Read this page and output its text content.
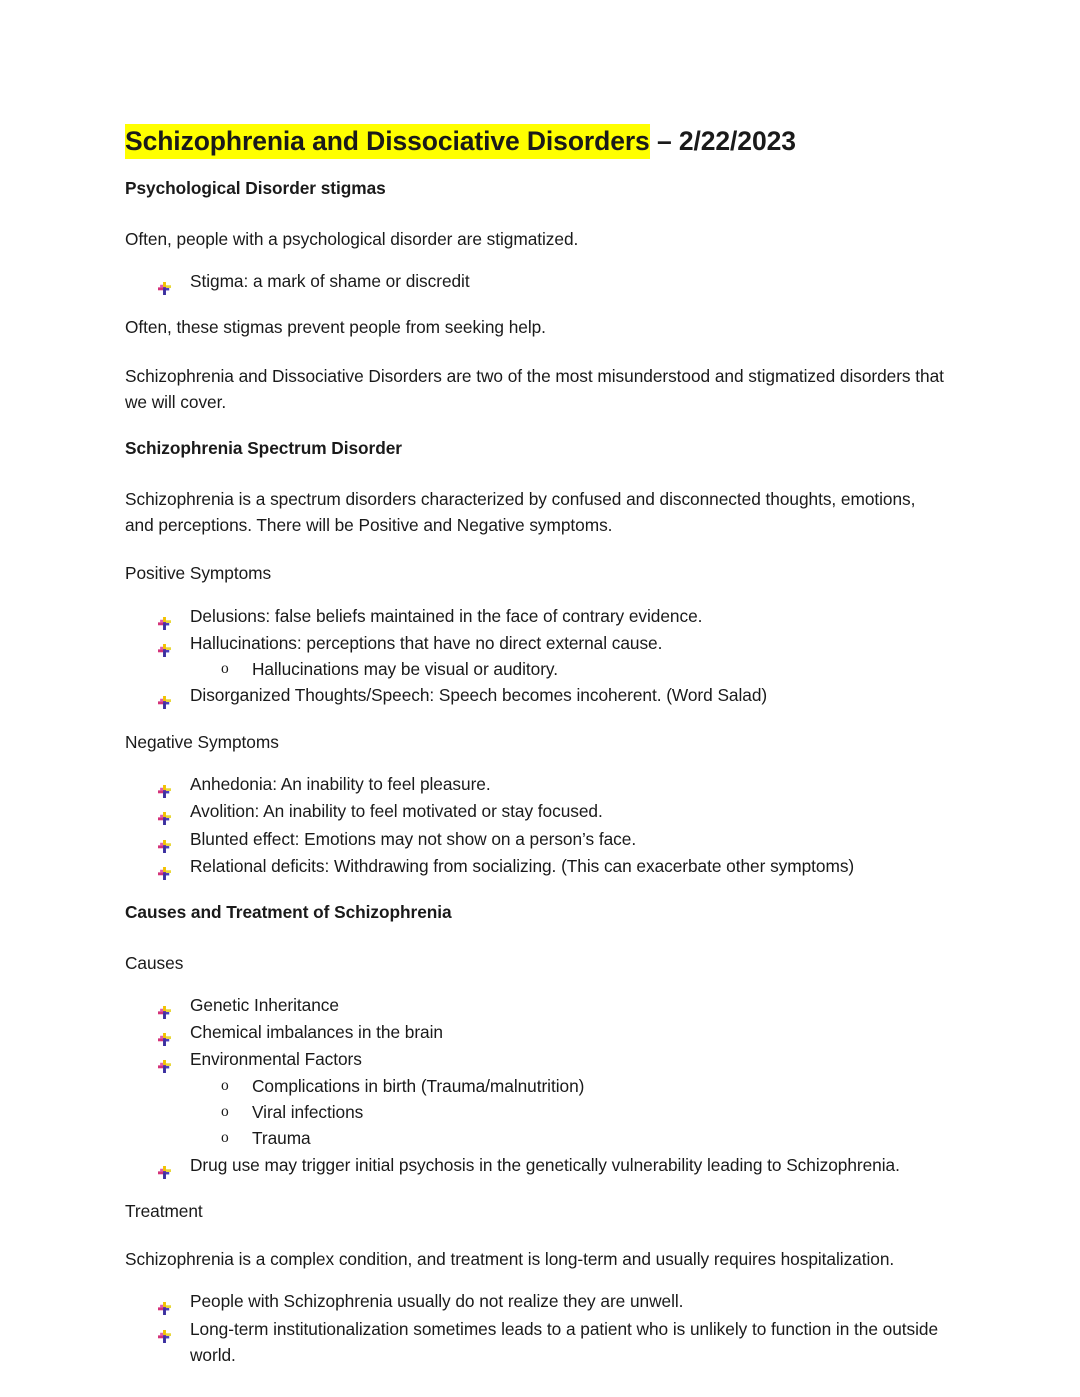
Schizophrenia and Dissociative Disorders – 2/22/2023
Psychological Disorder stigmas

Often, people with a psychological disorder are stigmatized.

Stigma: a mark of shame or discredit

Often, these stigmas prevent people from seeking help.

Schizophrenia and Dissociative Disorders are two of the most misunderstood and stigmatized disorders that we will cover.

Schizophrenia Spectrum Disorder

Schizophrenia is a spectrum disorders characterized by confused and disconnected thoughts, emotions, and perceptions. There will be Positive and Negative symptoms.

Positive Symptoms

Delusions: false beliefs maintained in the face of contrary evidence.
Hallucinations: perceptions that have no direct external cause.
o Hallucinations may be visual or auditory.
Disorganized Thoughts/Speech: Speech becomes incoherent. (Word Salad)

Negative Symptoms

Anhedonia: An inability to feel pleasure.
Avolition: An inability to feel motivated or stay focused.
Blunted effect: Emotions may not show on a person’s face.
Relational deficits: Withdrawing from socializing. (This can exacerbate other symptoms)
Causes and Treatment of Schizophrenia

Causes

Genetic Inheritance
Chemical imbalances in the brain
Environmental Factors
o Complications in birth (Trauma/malnutrition)
o Viral infections
o Trauma
Drug use may trigger initial psychosis in the genetically vulnerability leading to Schizophrenia.

Treatment

Schizophrenia is a complex condition, and treatment is long-term and usually requires hospitalization.

People with Schizophrenia usually do not realize they are unwell.
Long-term institutionalization sometimes leads to a patient who is unlikely to function in the outside world.
